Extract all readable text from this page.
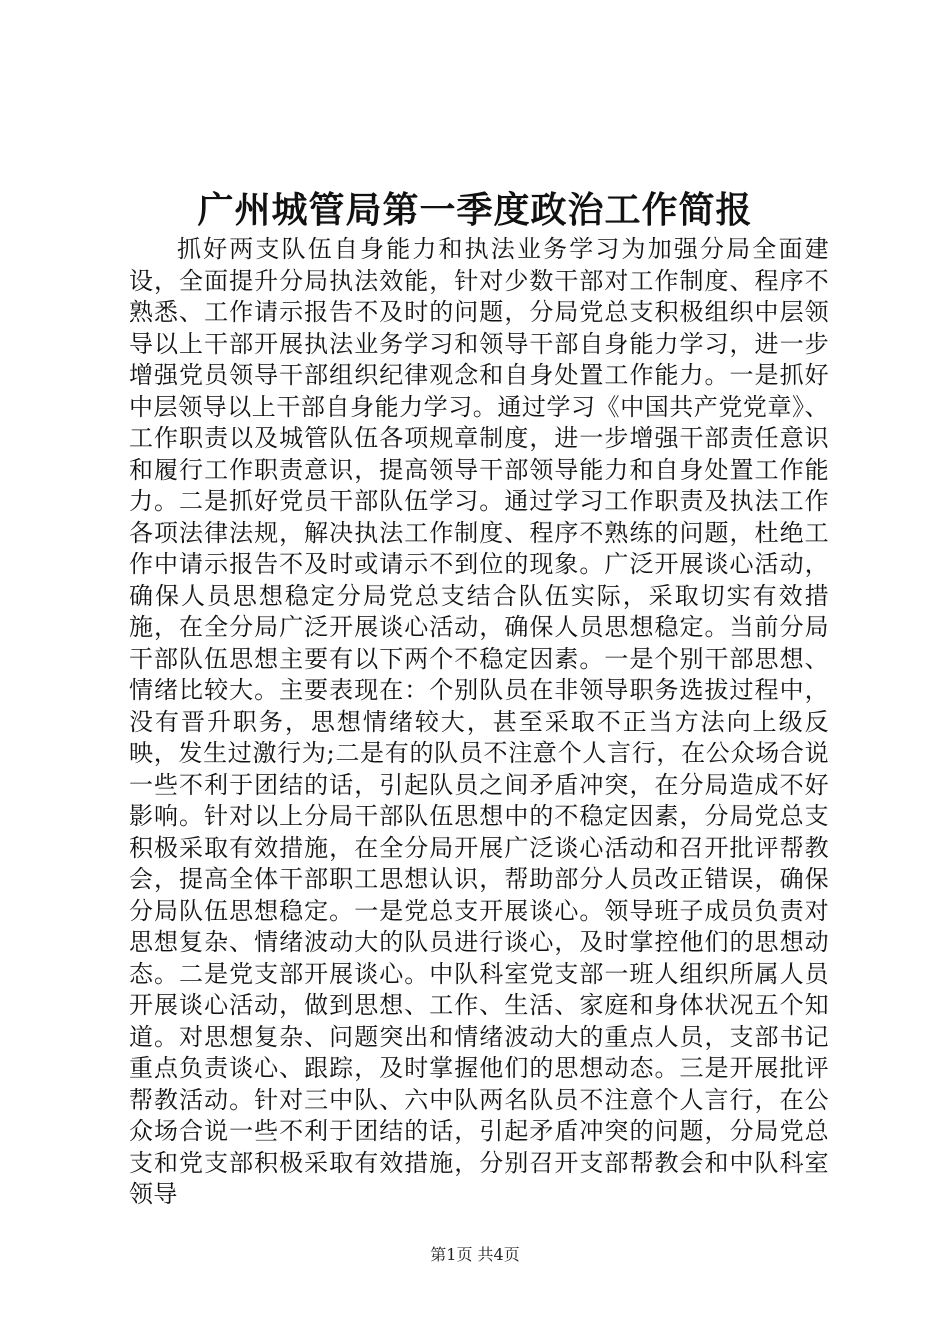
广州城管局第一季度政治工作简报

抓好两支队伍自身能力和执法业务学习为加强分局全面建设，全面提升分局执法效能，针对少数干部对工作制度、程序不熟悉、工作请示报告不及时的问题，分局党总支积极组织中层领导以上干部开展执法业务学习和领导干部自身能力学习，进一步增强党员领导干部组织纪律观念和自身处置工作能力。一是抓好中层领导以上干部自身能力学习。通过学习《中国共产党党章》、工作职责以及城管队伍各项规章制度，进一步增强干部责任意识和履行工作职责意识，提高领导干部领导能力和自身处置工作能力。二是抓好党员干部队伍学习。通过学习工作职责及执法工作各项法律法规，解决执法工作制度、程序不熟练的问题，杜绝工作中请示报告不及时或请示不到位的现象。广泛开展谈心活动，确保人员思想稳定分局党总支结合队伍实际，采取切实有效措施，在全分局广泛开展谈心活动，确保人员思想稳定。当前分局干部队伍思想主要有以下两个不稳定因素。一是个别干部思想、情绪比较大。主要表现在：个别队员在非领导职务选拔过程中，没有晋升职务，思想情绪较大，甚至采取不正当方法向上级反映，发生过激行为;二是有的队员不注意个人言行，在公众场合说一些不利于团结的话，引起队员之间矛盾冲突，在分局造成不好影响。针对以上分局干部队伍思想中的不稳定因素，分局党总支积极采取有效措施，在全分局开展广泛谈心活动和召开批评帮教会，提高全体干部职工思想认识，帮助部分人员改正错误，确保分局队伍思想稳定。一是党总支开展谈心。领导班子成员负责对思想复杂、情绪波动大的队员进行谈心，及时掌控他们的思想动态。二是党支部开展谈心。中队科室党支部一班人组织所属人员开展谈心活动，做到思想、工作、生活、家庭和身体状况五个知道。对思想复杂、问题突出和情绪波动大的重点人员，支部书记重点负责谈心、跟踪，及时掌握他们的思想动态。三是开展批评帮教活动。针对三中队、六中队两名队员不注意个人言行，在公众场合说一些不利于团结的话，引起矛盾冲突的问题，分局党总支和党支部积极采取有效措施，分别召开支部帮教会和中队科室领导

第1页 共4页
